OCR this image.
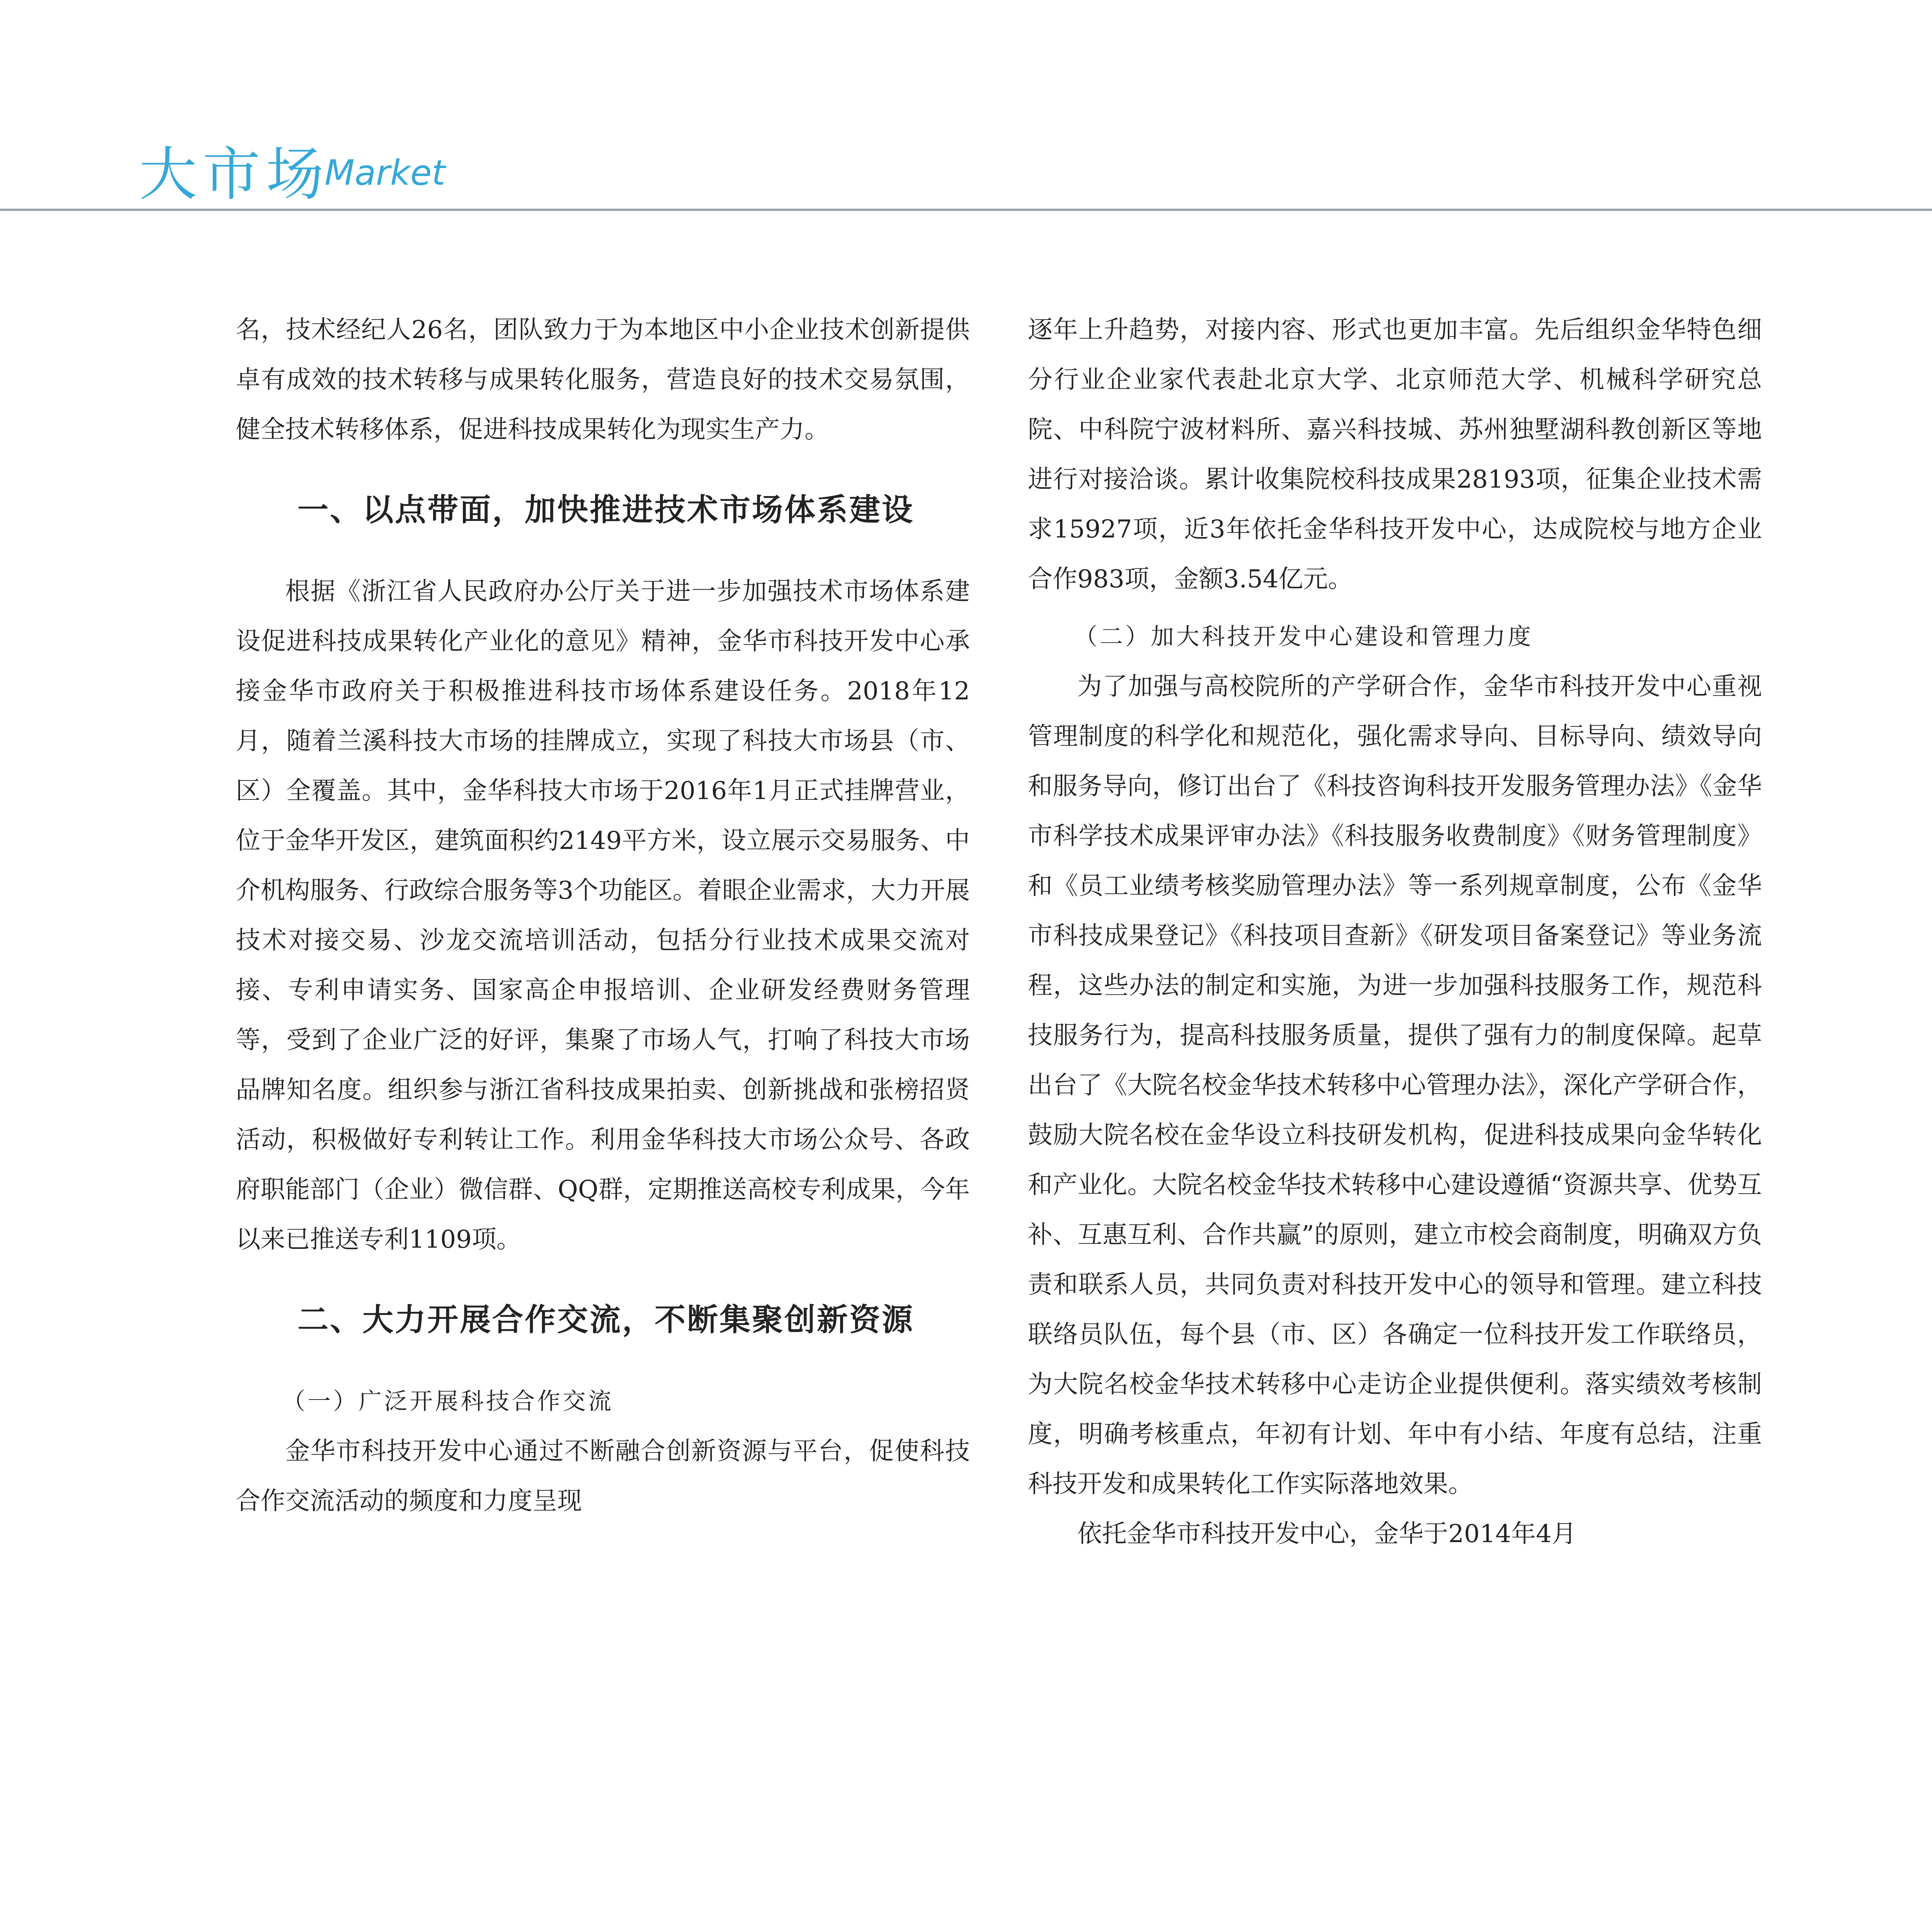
大市场
Market

名，技术经纪人26名，团队致力于为本地区中小企业技术创新提供卓有成效的技术转移与成果转化服务，营造良好的技术交易氛围，健全技术转移体系，促进科技成果转化为现实生产力。

一、以点带面，加快推进技术市场体系建设

根据《浙江省人民政府办公厅关于进一步加强技术市场体系建设促进科技成果转化产业化的意见》精神，金华市科技开发中心承接金华市政府关于积极推进科技市场体系建设任务。2018年12月，随着兰溪科技大市场的挂牌成立，实现了科技大市场县（市、区）全覆盖。其中，金华科技大市场于2016年1月正式挂牌营业，位于金华开发区，建筑面积约2149平方米，设立展示交易服务、中介机构服务、行政综合服务等3个功能区。着眼企业需求，大力开展技术对接交易、沙龙交流培训活动，包括分行业技术成果交流对接、专利申请实务、国家高企申报培训、企业研发经费财务管理等，受到了企业广泛的好评，集聚了市场人气，打响了科技大市场品牌知名度。组织参与浙江省科技成果拍卖、创新挑战和张榜招贤活动，积极做好专利转让工作。利用金华科技大市场公众号、各政府职能部门（企业）微信群、QQ群，定期推送高校专利成果，今年以来已推送专利1109项。

二、大力开展合作交流，不断集聚创新资源
（一）广泛开展科技合作交流

金华市科技开发中心通过不断融合创新资源与平台，促使科技合作交流活动的频度和力度呈现

逐年上升趋势，对接内容、形式也更加丰富。先后组织金华特色细分行业企业家代表赴北京大学、北京师范大学、机械科学研究总院、中科院宁波材料所、嘉兴科技城、苏州独墅湖科教创新区等地进行对接洽谈。累计收集院校科技成果28193项，征集企业技术需求15927项，近3年依托金华科技开发中心，达成院校与地方企业合作983项，金额3.54亿元。

（二）加大科技开发中心建设和管理力度

为了加强与高校院所的产学研合作，金华市科技开发中心重视管理制度的科学化和规范化，强化需求导向、目标导向、绩效导向和服务导向，修订出台了《科技咨询科技开发服务管理办法》《金华市科学技术成果评审办法》《科技服务收费制度》《财务管理制度》和《员工业绩考核奖励管理办法》等一系列规章制度，公布《金华市科技成果登记》《科技项目查新》《研发项目备案登记》等业务流程，这些办法的制定和实施，为进一步加强科技服务工作，规范科技服务行为，提高科技服务质量，提供了强有力的制度保障。起草出台了《大院名校金华技术转移中心管理办法》，深化产学研合作，鼓励大院名校在金华设立科技研发机构，促进科技成果向金华转化和产业化。大院名校金华技术转移中心建设遵循“资源共享、优势互补、互惠互利、合作共赢”的原则，建立市校会商制度，明确双方负责和联系人员，共同负责对科技开发中心的领导和管理。建立科技联络员队伍，每个县（市、区）各确定一位科技开发工作联络员，为大院名校金华技术转移中心走访企业提供便利。落实绩效考核制度，明确考核重点，年初有计划、年中有小结、年度有总结，注重科技开发和成果转化工作实际落地效果。

依托金华市科技开发中心，金华于2014年4月
